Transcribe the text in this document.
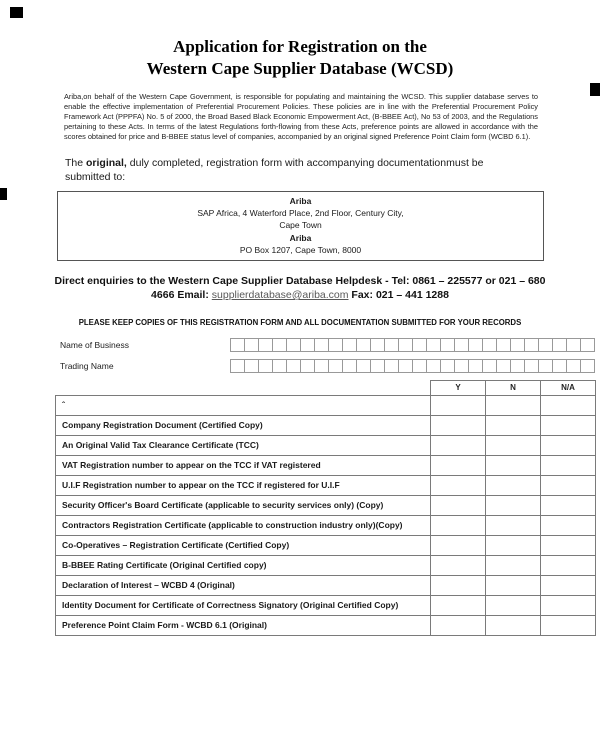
Application for Registration on the
Western Cape Supplier Database (WCSD)

Ariba,on behalf of the Western Cape Government, is responsible for populating and maintaining the WCSD. This supplier database serves to enable the effective implementation of Preferential Procurement Policies. These policies are in line with the Preferential Procurement Policy Framework Act (PPPFA) No. 5 of 2000, the Broad Based Black Economic Empowerment Act, (B-BBEE Act), No 53 of 2003, and the Regulations pertaining to these Acts. In terms of the latest Regulations forth-flowing from these Acts, preference points are allowed in accordance with the scores obtained for price and B-BBEE status level of companies, accompanied by an original signed Preference Point Claim form (WCBD 6.1).

The original, duly completed, registration form with accompanying documentationmust be submitted to:

Ariba
SAP Africa, 4 Waterford Place, 2nd Floor, Century City,
Cape Town
Ariba
PO Box 1207, Cape Town, 8000

Direct enquiries to the Western Cape Supplier Database Helpdesk - Tel: 0861 – 225577 or 021 – 680 4666 Email: supplierdatabase@ariba.com Fax: 021 – 441 1288

PLEASE KEEP COPIES OF THIS REGISTRATION FORM AND ALL DOCUMENTATION SUBMITTED FOR YOUR RECORDS

Name of Business
Trading Name
	Y	N	N/A
ˆ			
Company Registration Document (Certified Copy)			
An Original Valid Tax Clearance Certificate (TCC)			
VAT Registration number to appear on the TCC if VAT registered			
U.I.F Registration number to appear on the TCC if registered for U.I.F			
Security Officer's Board Certificate (applicable to security services only) (Copy)			
Contractors Registration Certificate (applicable to construction industry only)(Copy)			
Co-Operatives – Registration Certificate (Certified Copy)			
B-BBEE Rating Certificate (Original Certified copy)			
Declaration of Interest – WCBD 4 (Original)			
Identity Document for Certificate of Correctness Signatory (Original Certified Copy)			
Preference Point Claim Form - WCBD 6.1 (Original)			
